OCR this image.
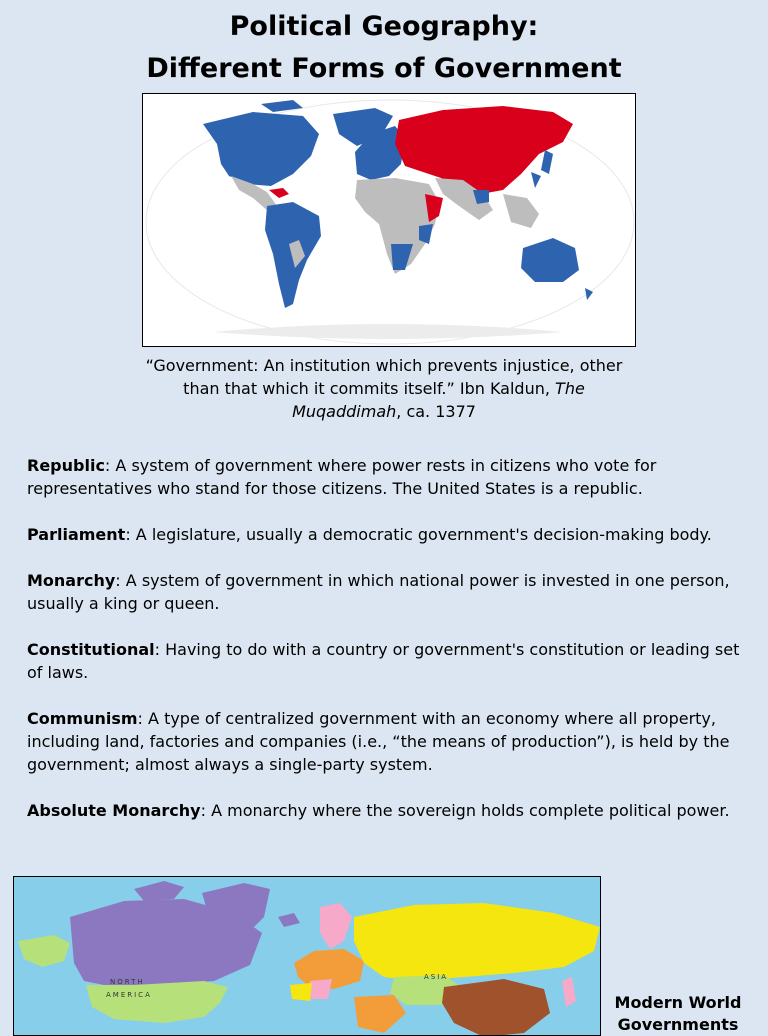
Political Geography:
Different Forms of Government
“Government: An institution which prevents injustice, other than that which it commits itself.” Ibn Kaldun, The Muqaddimah, ca. 1377

Republic: A system of government where power rests in citizens who vote for representatives who stand for those citizens. The United States is a republic.

Parliament: A legislature, usually a democratic government's decision-making body.

Monarchy: A system of government in which national power is invested in one person, usually a king or queen.

Constitutional: Having to do with a country or government's constitution or leading set of laws.

Communism: A type of centralized government with an economy where all property, including land, factories and companies (i.e., “the means of production”), is held by the government; almost always a single-party system.

Absolute Monarchy: A monarchy where the sovereign holds complete political power.

NORTH
AMERICA
ASIA
Modern World
Governments
